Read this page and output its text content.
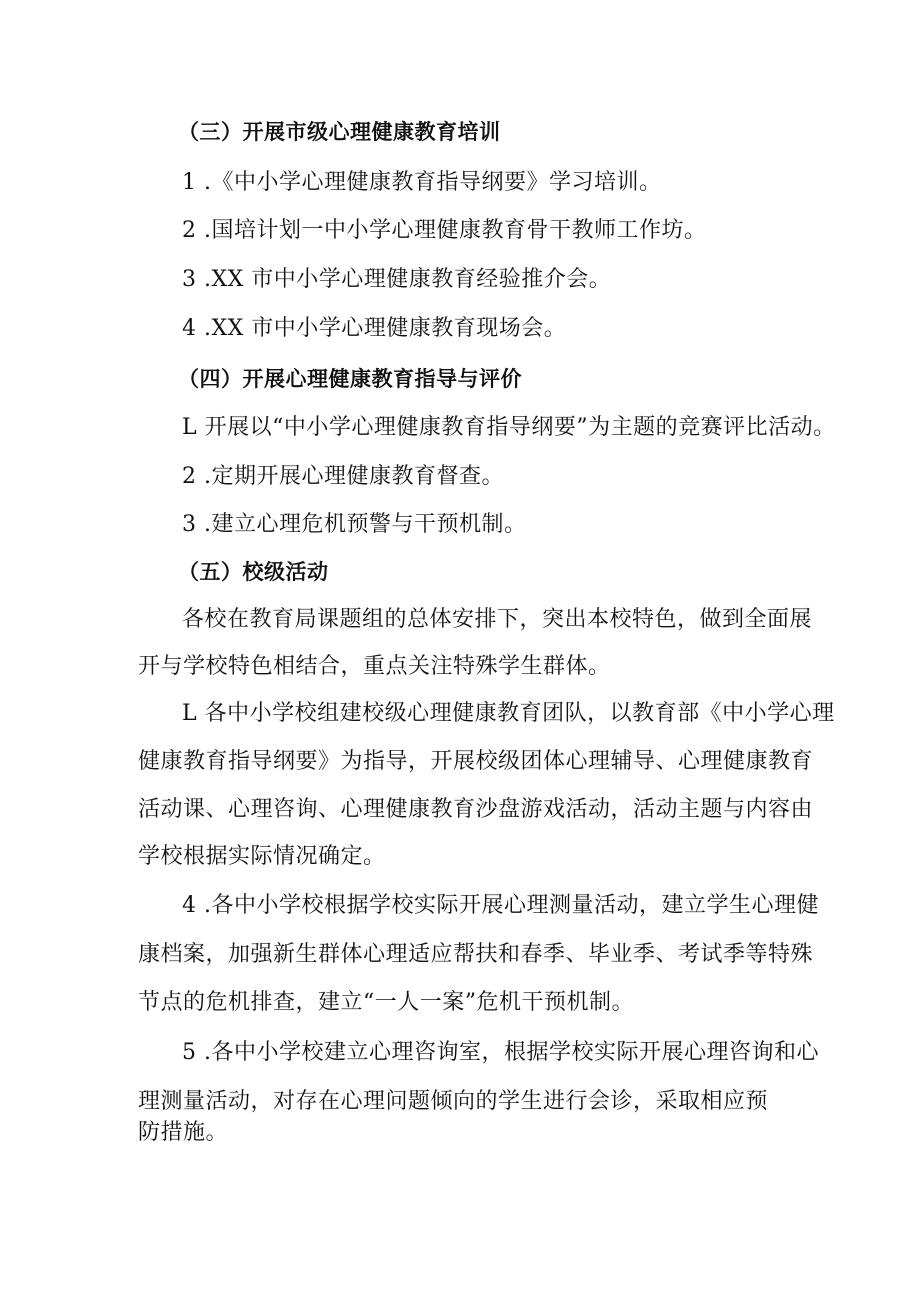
（三）开展市级心理健康教育培训
1 .《中小学心理健康教育指导纲要》学习培训。
2 .国培计划一中小学心理健康教育骨干教师工作坊。
3 .XX 市中小学心理健康教育经验推介会。
4 .XX 市中小学心理健康教育现场会。
（四）开展心理健康教育指导与评价
L 开展以“中小学心理健康教育指导纲要”为主题的竞赛评比活动。
2 .定期开展心理健康教育督查。
3 .建立心理危机预警与干预机制。
（五）校级活动
各校在教育局课题组的总体安排下，突出本校特色，做到全面展
开与学校特色相结合，重点关注特殊学生群体。
L 各中小学校组建校级心理健康教育团队，以教育部《中小学心理
健康教育指导纲要》为指导，开展校级团体心理辅导、心理健康教育
活动课、心理咨询、心理健康教育沙盘游戏活动，活动主题与内容由
学校根据实际情况确定。
4 .各中小学校根据学校实际开展心理测量活动，建立学生心理健
康档案，加强新生群体心理适应帮扶和春季、毕业季、考试季等特殊
节点的危机排查，建立“一人一案”危机干预机制。
5 .各中小学校建立心理咨询室，根据学校实际开展心理咨询和心
理测量活动，对存在心理问题倾向的学生进行会诊，采取相应预
防措施。
